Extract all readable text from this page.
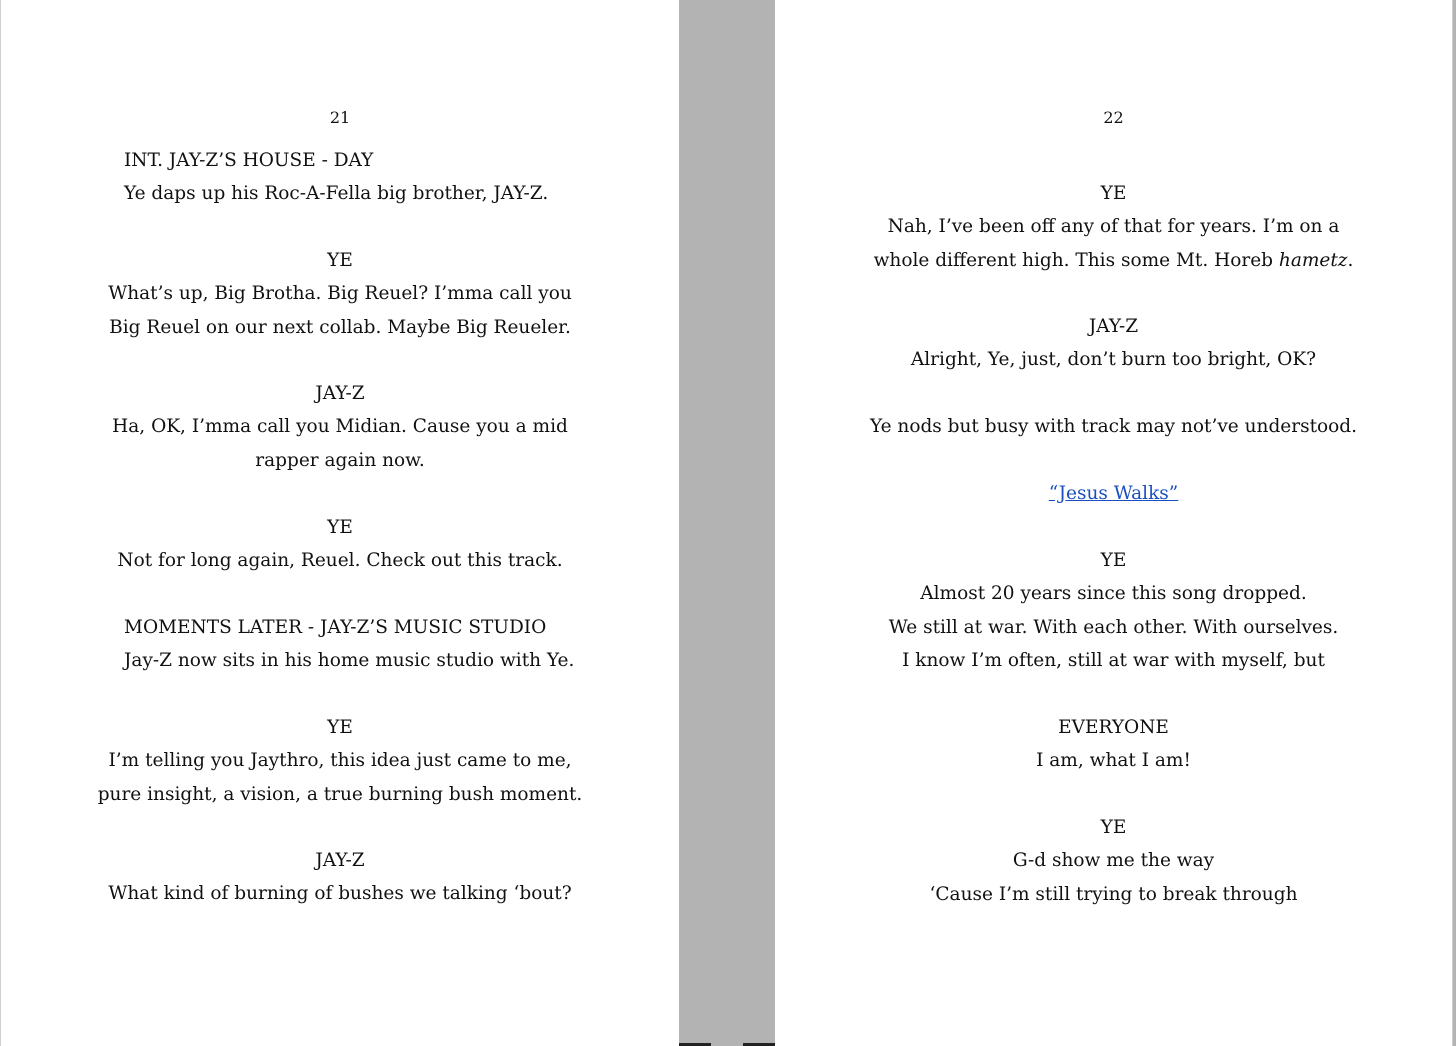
21
INT. JAY-Z’S HOUSE - DAY
Ye daps up his Roc-A-Fella big brother, JAY-Z.
YE
What’s up, Big Brotha. Big Reuel? I’mma call you
Big Reuel on our next collab. Maybe Big Reueler.
JAY-Z
Ha, OK, I’mma call you Midian. Cause you a mid
rapper again now.
YE
Not for long again, Reuel. Check out this track.
MOMENTS LATER - JAY-Z’S MUSIC STUDIO
Jay-Z now sits in his home music studio with Ye.
YE
I’m telling you Jaythro, this idea just came to me,
pure insight, a vision, a true burning bush moment.
JAY-Z
What kind of burning of bushes we talking ‘bout?
22
YE
Nah, I’ve been off any of that for years. I’m on a
whole different high. This some Mt. Horeb hametz.
JAY-Z
Alright, Ye, just, don’t burn too bright, OK?
Ye nods but busy with track may not’ve understood.
“Jesus Walks”
YE
Almost 20 years since this song dropped.
We still at war. With each other. With ourselves.
I know I’m often, still at war with myself, but
EVERYONE
I am, what I am!
YE
G-d show me the way
‘Cause I’m still trying to break through
